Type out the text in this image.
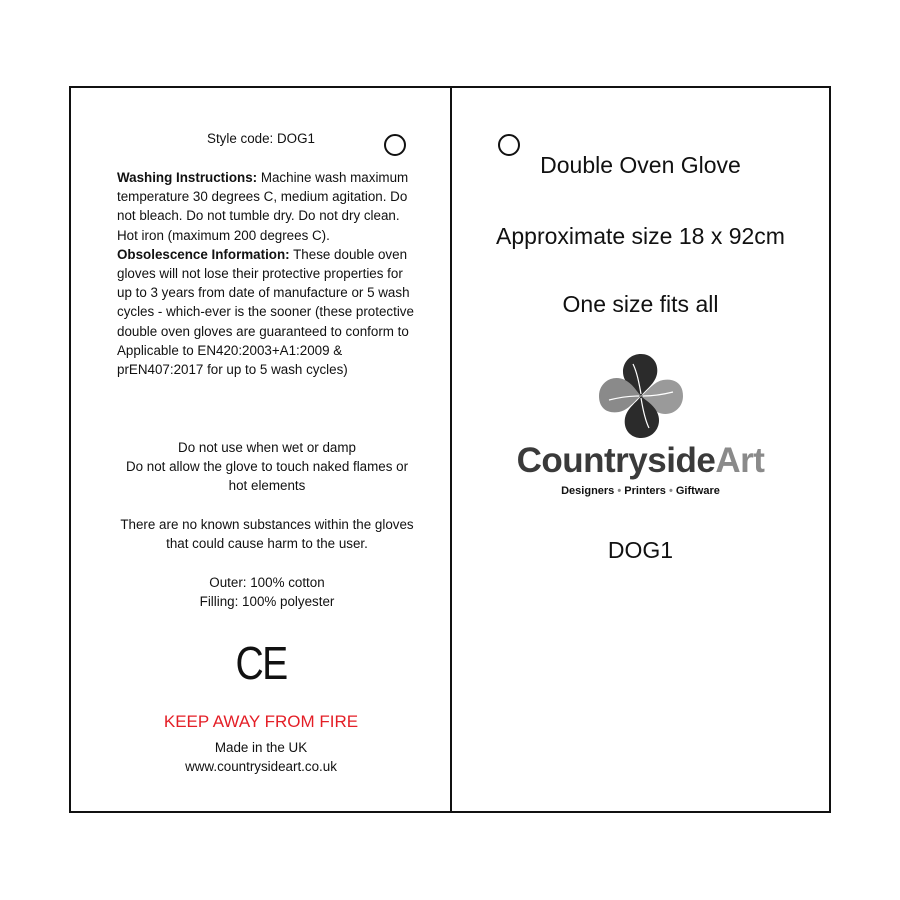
Style code: DOG1
Washing Instructions: Machine wash maximum temperature 30 degrees C, medium agitation. Do not bleach. Do not tumble dry. Do not dry clean. Hot iron (maximum 200 degrees C).
Obsolescence Information: These double oven gloves will not lose their protective properties for up to 3 years from date of manufacture or 5 wash cycles - which-ever is the sooner (these protective double oven gloves are guaranteed to conform to Applicable to EN420:2003+A1:2009 & prEN407:2017 for up to 5 wash cycles)
Do not use when wet or damp
Do not allow the glove to touch naked flames or hot elements
There are no known substances within the gloves that could cause harm to the user.
Outer: 100% cotton
Filling: 100% polyester
CE
KEEP AWAY FROM FIRE
Made in the UK
www.countrysideart.co.uk
Double Oven Glove
Approximate size 18 x 92cm
One size fits all
CountrysideArt
Designers • Printers • Giftware
DOG1
